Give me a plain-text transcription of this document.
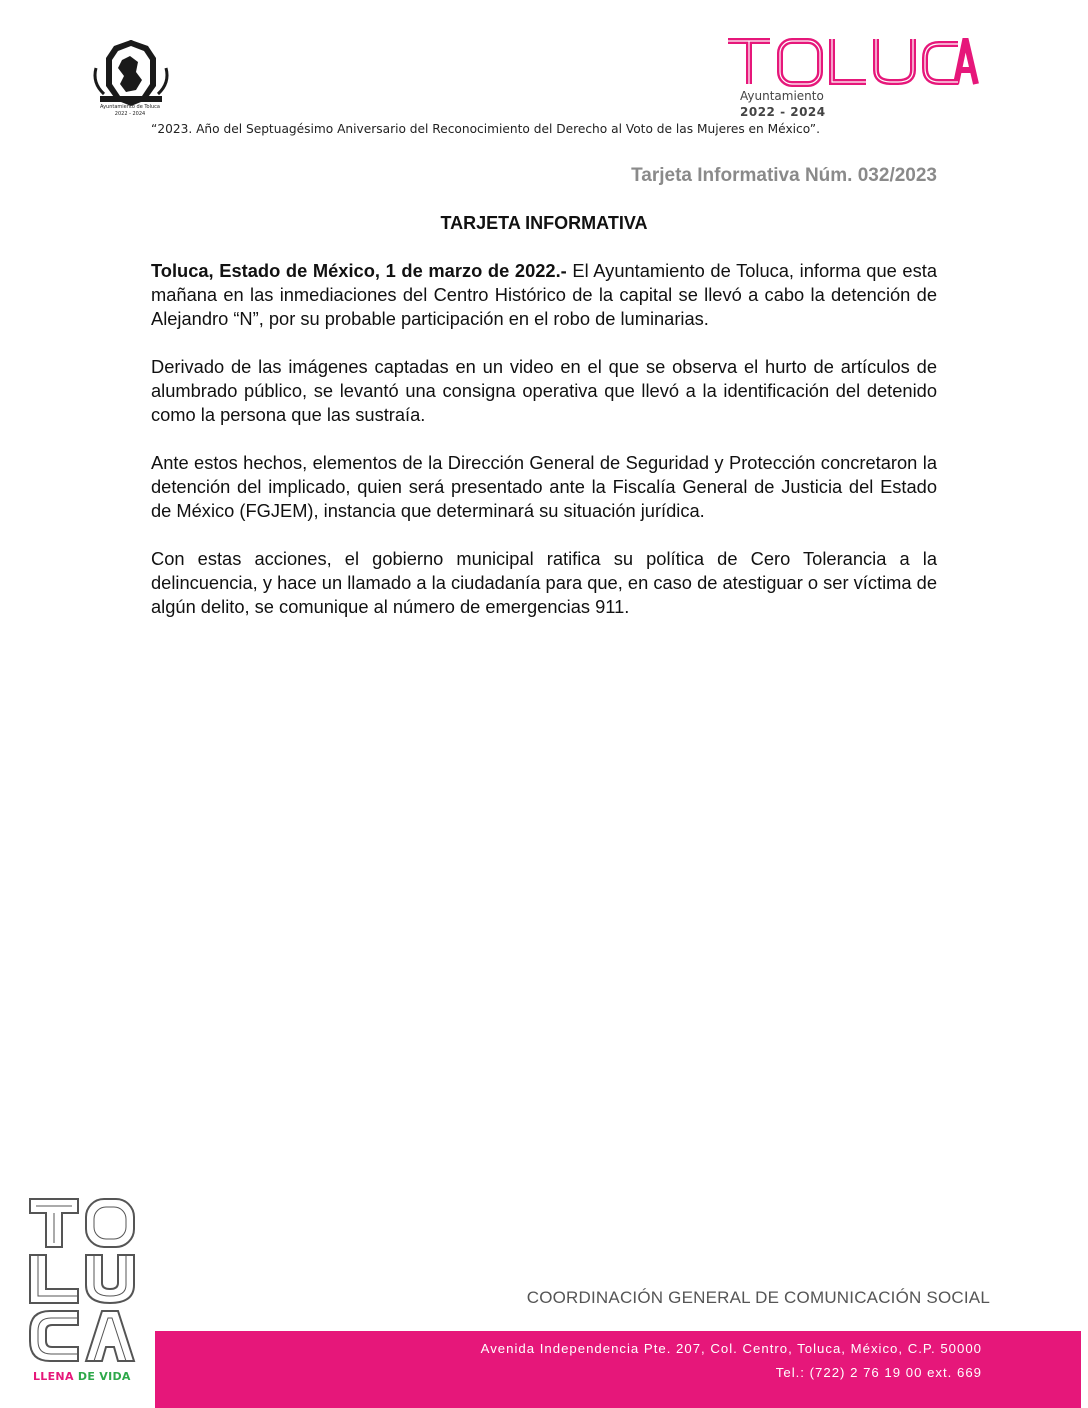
Ayuntamiento de Toluca
2022 - 2024
Ayuntamiento
2022 - 2024
“2023. Año del Septuagésimo Aniversario del Reconocimiento del Derecho al Voto de las Mujeres en México”.
Tarjeta Informativa Núm. 032/2023
TARJETA INFORMATIVA

Toluca, Estado de México, 1 de marzo de 2022.- El Ayuntamiento de Toluca, informa que esta mañana en las inmediaciones del Centro Histórico de la capital se llevó a cabo la detención de Alejandro “N”, por su probable participación en el robo de luminarias.

Derivado de las imágenes captadas en un video en el que se observa el hurto de artículos de alumbrado público, se levantó una consigna operativa que llevó a la identificación del detenido como la persona que las sustraía.

Ante estos hechos, elementos de la Dirección General de Seguridad y Protección concretaron la detención del implicado, quien será presentado ante la Fiscalía General de Justicia del Estado de México (FGJEM), instancia que determinará su situación jurídica.

Con estas acciones, el gobierno municipal ratifica su política de Cero Tolerancia a la delincuencia, y hace un llamado a la ciudadanía para que, en caso de atestiguar o ser víctima de algún delito, se comunique al número de emergencias 911.

LLENA DE VIDA
COORDINACIÓN GENERAL DE COMUNICACIÓN SOCIAL
Avenida Independencia Pte. 207, Col. Centro, Toluca, México, C.P. 50000
Tel.: (722) 2 76 19 00 ext. 669
